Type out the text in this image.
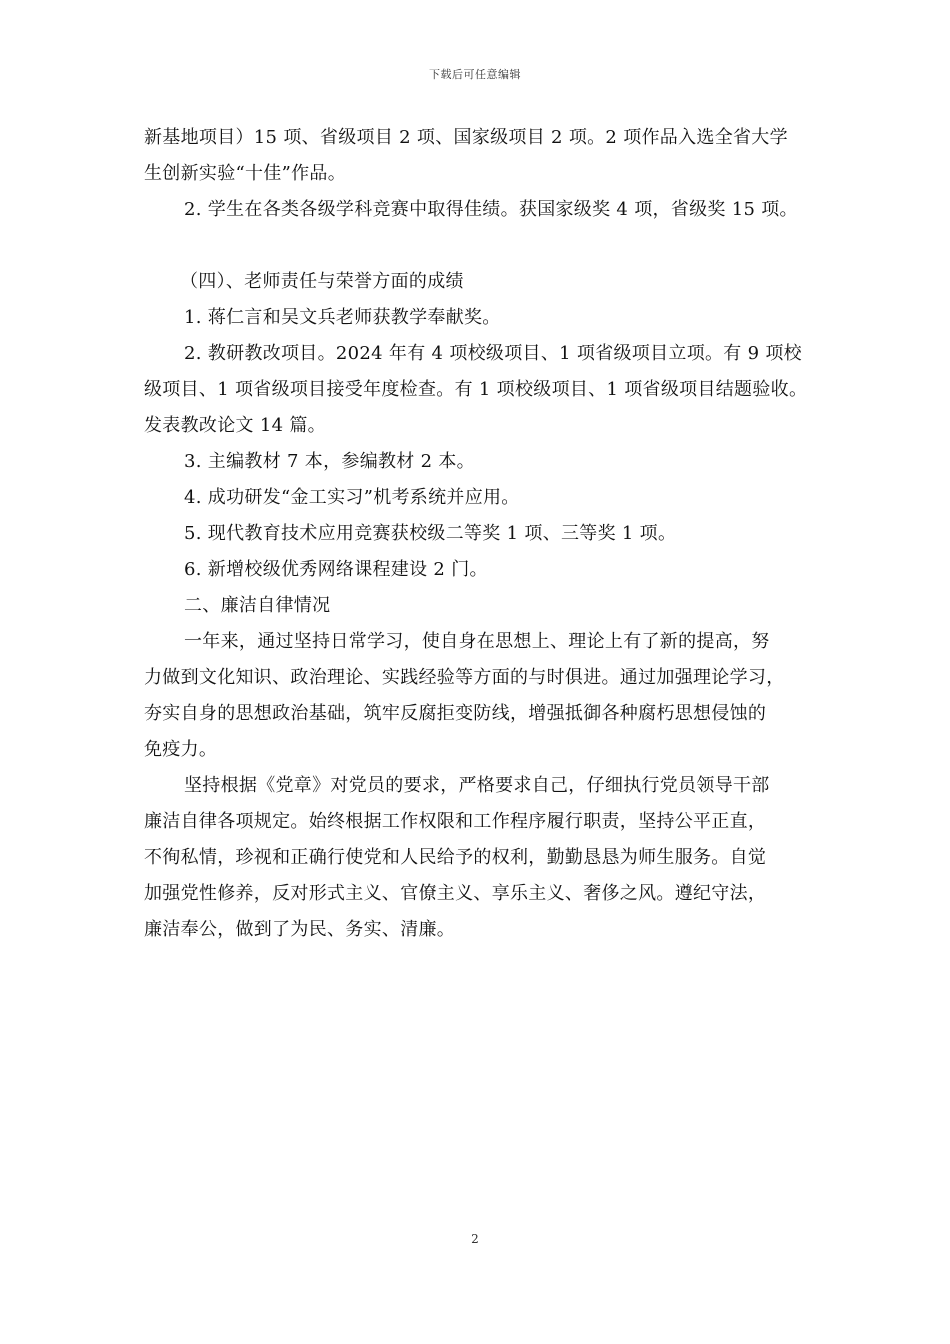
下载后可任意编辑
新基地项目）15 项、省级项目 2 项、国家级项目 2 项。2 项作品入选全省大学
生创新实验“十佳”作品。
2. 学生在各类各级学科竞赛中取得佳绩。获国家级奖 4 项，省级奖 15 项。
（四）、老师责任与荣誉方面的成绩
1. 蒋仁言和吴文兵老师获教学奉献奖。
2. 教研教改项目。2024 年有 4 项校级项目、1 项省级项目立项。有 9 项校
级项目、1 项省级项目接受年度检查。有 1 项校级项目、1 项省级项目结题验收。
发表教改论文 14 篇。
3. 主编教材 7 本，参编教材 2 本。
4. 成功研发“金工实习”机考系统并应用。
5. 现代教育技术应用竞赛获校级二等奖 1 项、三等奖 1 项。
6. 新增校级优秀网络课程建设 2 门。
二、廉洁自律情况
一年来，通过坚持日常学习，使自身在思想上、理论上有了新的提高，努
力做到文化知识、政治理论、实践经验等方面的与时俱进。通过加强理论学习，
夯实自身的思想政治基础，筑牢反腐拒变防线，增强抵御各种腐朽思想侵蚀的
免疫力。
坚持根据《党章》对党员的要求，严格要求自己，仔细执行党员领导干部
廉洁自律各项规定。始终根据工作权限和工作程序履行职责，坚持公平正直，
不徇私情，珍视和正确行使党和人民给予的权利，勤勤恳恳为师生服务。自觉
加强党性修养，反对形式主义、官僚主义、享乐主义、奢侈之风。遵纪守法，
廉洁奉公，做到了为民、务实、清廉。
2
